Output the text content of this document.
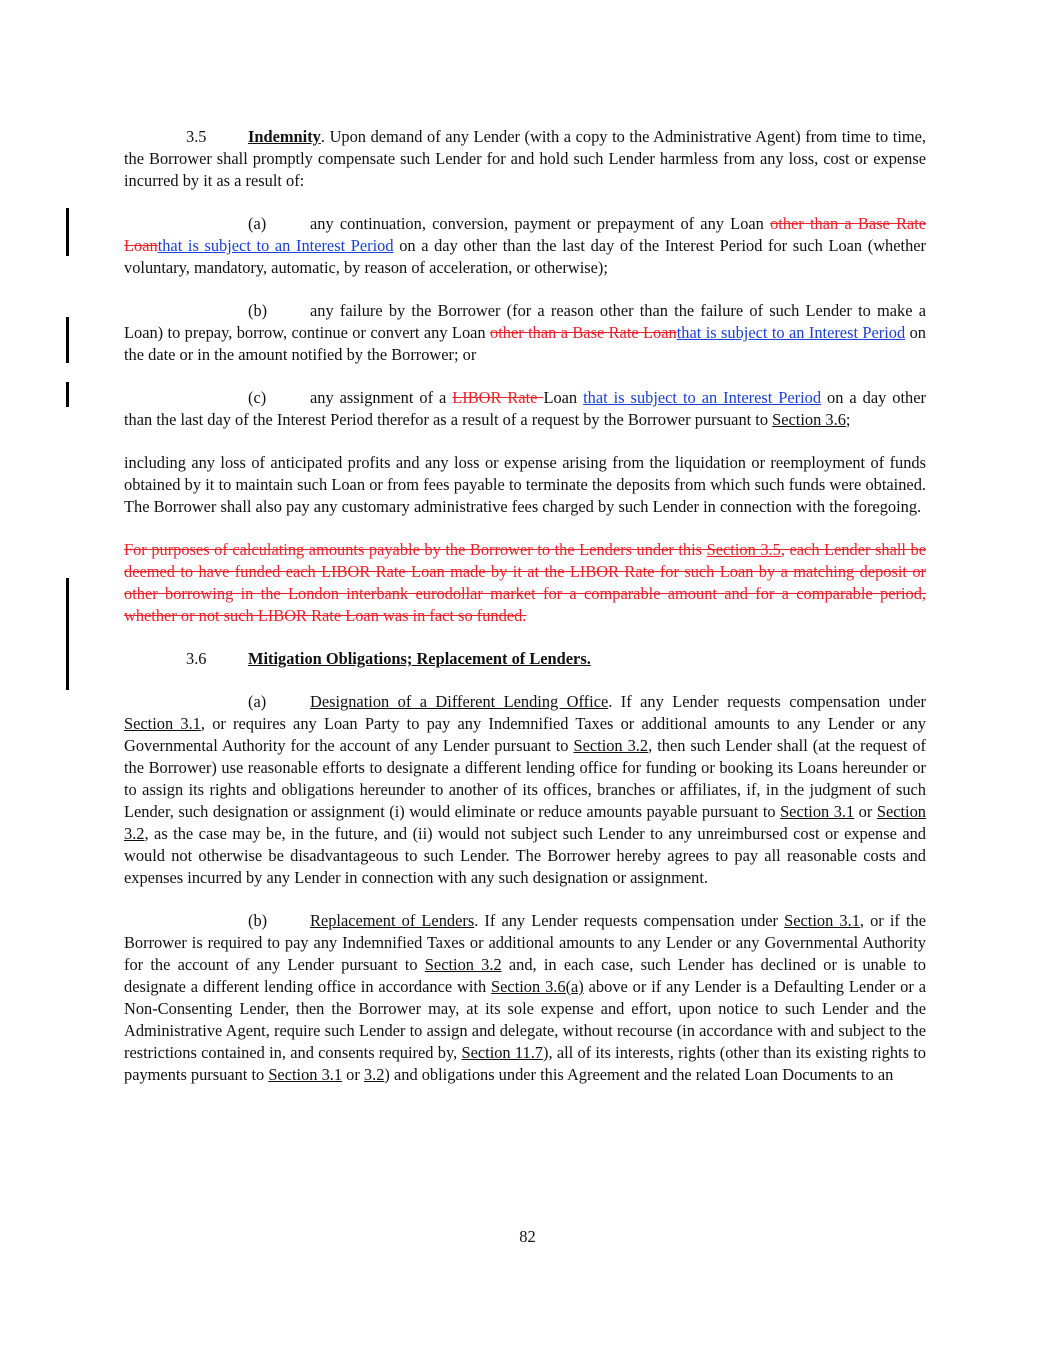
3.5	Indemnity. Upon demand of any Lender (with a copy to the Administrative Agent) from time to time, the Borrower shall promptly compensate such Lender for and hold such Lender harmless from any loss, cost or expense incurred by it as a result of:

(a)	any continuation, conversion, payment or prepayment of any Loan other than a Base Rate Loanthat is subject to an Interest Period on a day other than the last day of the Interest Period for such Loan (whether voluntary, mandatory, automatic, by reason of acceleration, or otherwise);

(b)	any failure by the Borrower (for a reason other than the failure of such Lender to make a Loan) to prepay, borrow, continue or convert any Loan other than a Base Rate Loanthat is subject to an Interest Period on the date or in the amount notified by the Borrower; or

(c)	any assignment of a LIBOR Rate Loan that is subject to an Interest Period on a day other than the last day of the Interest Period therefor as a result of a request by the Borrower pursuant to Section 3.6;

including any loss of anticipated profits and any loss or expense arising from the liquidation or reemployment of funds obtained by it to maintain such Loan or from fees payable to terminate the deposits from which such funds were obtained. The Borrower shall also pay any customary administrative fees charged by such Lender in connection with the foregoing.

For purposes of calculating amounts payable by the Borrower to the Lenders under this Section 3.5, each Lender shall be deemed to have funded each LIBOR Rate Loan made by it at the LIBOR Rate for such Loan by a matching deposit or other borrowing in the London interbank eurodollar market for a comparable amount and for a comparable period, whether or not such LIBOR Rate Loan was in fact so funded.

3.6	Mitigation Obligations; Replacement of Lenders.

(a)	Designation of a Different Lending Office. If any Lender requests compensation under Section 3.1, or requires any Loan Party to pay any Indemnified Taxes or additional amounts to any Lender or any Governmental Authority for the account of any Lender pursuant to Section 3.2, then such Lender shall (at the request of the Borrower) use reasonable efforts to designate a different lending office for funding or booking its Loans hereunder or to assign its rights and obligations hereunder to another of its offices, branches or affiliates, if, in the judgment of such Lender, such designation or assignment (i) would eliminate or reduce amounts payable pursuant to Section 3.1 or Section 3.2, as the case may be, in the future, and (ii) would not subject such Lender to any unreimbursed cost or expense and would not otherwise be disadvantageous to such Lender. The Borrower hereby agrees to pay all reasonable costs and expenses incurred by any Lender in connection with any such designation or assignment.

(b)	Replacement of Lenders. If any Lender requests compensation under Section 3.1, or if the Borrower is required to pay any Indemnified Taxes or additional amounts to any Lender or any Governmental Authority for the account of any Lender pursuant to Section 3.2 and, in each case, such Lender has declined or is unable to designate a different lending office in accordance with Section 3.6(a) above or if any Lender is a Defaulting Lender or a Non-Consenting Lender, then the Borrower may, at its sole expense and effort, upon notice to such Lender and the Administrative Agent, require such Lender to assign and delegate, without recourse (in accordance with and subject to the restrictions contained in, and consents required by, Section 11.7), all of its interests, rights (other than its existing rights to payments pursuant to Section 3.1 or 3.2) and obligations under this Agreement and the related Loan Documents to an

82
